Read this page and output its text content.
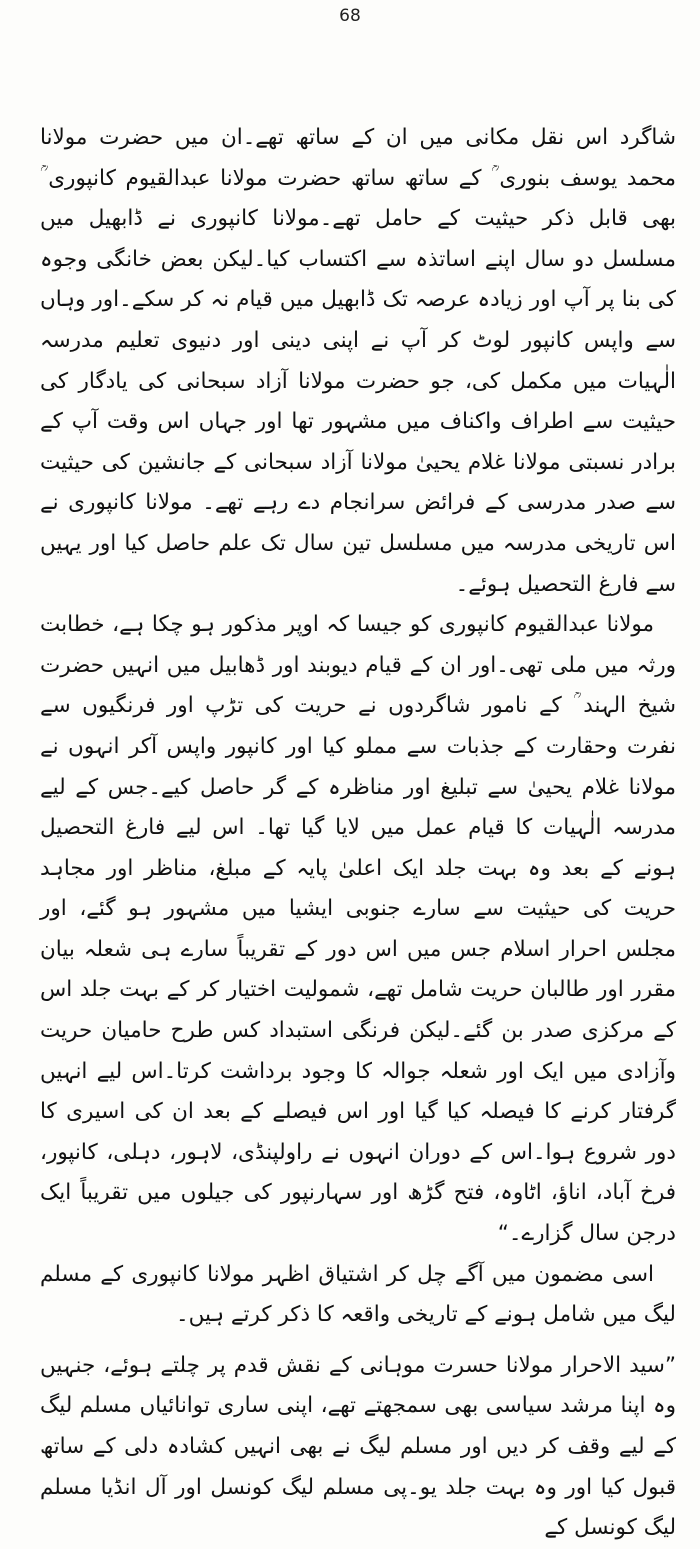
68

شاگرد اس نقل مکانی میں ان کے ساتھ تھے۔ان میں حضرت مولانا محمد یوسف بنوری ؒ کے ساتھ ساتھ حضرت مولانا عبدالقیوم کانپوری ؒ بھی قابل ذکر حیثیت کے حامل تھے۔مولانا کانپوری نے ڈابھیل میں مسلسل دو سال اپنے اساتذہ سے اکتساب کیا۔لیکن بعض خانگی وجوہ کی بنا پر آپ اور زیادہ عرصہ تک ڈابھیل میں قیام نہ کر سکے۔اور وہاں سے واپس کانپور لوٹ کر آپ نے اپنی دینی اور دنیوی تعلیم مدرسہ الٰہیات میں مکمل کی، جو حضرت مولانا آزاد سبحانی کی یادگار کی حیثیت سے اطراف واکناف میں مشہور تھا اور جہاں اس وقت آپ کے برادر نسبتی مولانا غلام یحییٰ مولانا آزاد سبحانی کے جانشین کی حیثیت سے صدر مدرسی کے فرائض سرانجام دے رہے تھے۔ مولانا کانپوری نے اس تاریخی مدرسہ میں مسلسل تین سال تک علم حاصل کیا اور یہیں سے فارغ التحصیل ہوئے۔

مولانا عبدالقیوم کانپوری کو جیسا کہ اوپر مذکور ہو چکا ہے، خطابت ورثہ میں ملی تھی۔اور ان کے قیام دیوبند اور ڈھابیل میں انہیں حضرت شیخ الہند ؒ کے نامور شاگردوں نے حریت کی تڑپ اور فرنگیوں سے نفرت وحقارت کے جذبات سے مملو کیا اور کانپور واپس آکر انہوں نے مولانا غلام یحییٰ سے تبلیغ اور مناظرہ کے گر حاصل کیے۔جس کے لیے مدرسہ الٰہیات کا قیام عمل میں لایا گیا تھا۔ اس لیے فارغ التحصیل ہونے کے بعد وہ بہت جلد ایک اعلیٰ پایہ کے مبلغ، مناظر اور مجاہد حریت کی حیثیت سے سارے جنوبی ایشیا میں مشہور ہو گئے، اور مجلس احرار اسلام جس میں اس دور کے تقریباً سارے ہی شعلہ بیان مقرر اور طالبان حریت شامل تھے، شمولیت اختیار کر کے بہت جلد اس کے مرکزی صدر بن گئے۔لیکن فرنگی استبداد کس طرح حامیان حریت وآزادی میں ایک اور شعلہ جوالہ کا وجود برداشت کرتا۔اس لیے انہیں گرفتار کرنے کا فیصلہ کیا گیا اور اس فیصلے کے بعد ان کی اسیری کا دور شروع ہوا۔اس کے دوران انہوں نے راولپنڈی، لاہور، دہلی، کانپور، فرخ آباد، اناؤ، اٹاوہ، فتح گڑھ اور سہارنپور کی جیلوں میں تقریباً ایک درجن سال گزارے۔“

اسی مضمون میں آگے چل کر اشتیاق اظہر مولانا کانپوری کے مسلم لیگ میں شامل ہونے کے تاریخی واقعہ کا ذکر کرتے ہیں۔

”سید الاحرار مولانا حسرت موہانی کے نقش قدم پر چلتے ہوئے، جنہیں وہ اپنا مرشد سیاسی بھی سمجھتے تھے، اپنی ساری توانائیاں مسلم لیگ کے لیے وقف کر دیں اور مسلم لیگ نے بھی انہیں کشادہ دلی کے ساتھ قبول کیا اور وہ بہت جلد یو۔پی مسلم لیگ کونسل اور آل انڈیا مسلم لیگ کونسل کے
